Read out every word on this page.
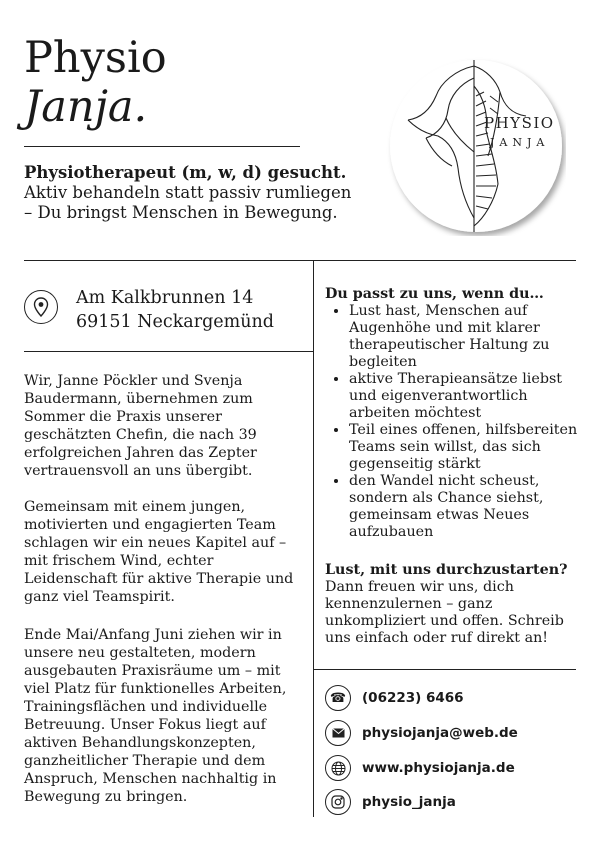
Physio
Janja.	PHYSIO
JANJA
Physiotherapeut (m, w, d) gesucht.
Aktiv behandeln statt passiv rumliegen – Du bringst Menschen in Bewegung.
Am Kalkbrunnen 14
69151 Neckargemünd
Wir, Janne Pöckler und Svenja Baudermann, übernehmen zum Sommer die Praxis unserer geschätzten Chefin, die nach 39 erfolgreichen Jahren das Zepter vertrauensvoll an uns übergibt.
Gemeinsam mit einem jungen, motivierten und engagierten Team schlagen wir ein neues Kapitel auf – mit frischem Wind, echter Leidenschaft für aktive Therapie und ganz viel Teamspirit.
Ende Mai/Anfang Juni ziehen wir in unsere neu gestalteten, modern ausgebauten Praxisräume um – mit viel Platz für funktionelles Arbeiten, Trainingsflächen und individuelle Betreuung. Unser Fokus liegt auf aktiven Behandlungskonzepten, ganzheitlicher Therapie und dem Anspruch, Menschen nachhaltig in Bewegung zu bringen.
Du passt zu uns, wenn du…
• Lust hast, Menschen auf Augenhöhe und mit klarer therapeutischer Haltung zu begleiten
• aktive Therapieansätze liebst und eigenverantwortlich arbeiten möchtest
• Teil eines offenen, hilfsbereiten Teams sein willst, das sich gegenseitig stärkt
• den Wandel nicht scheust, sondern als Chance siehst, gemeinsam etwas Neues aufzubauen
Lust, mit uns durchzustarten?
Dann freuen wir uns, dich kennenzulernen – ganz unkompliziert und offen. Schreib uns einfach oder ruf direkt an!
☎	(06223) 6466
physiojanja@web.de
www.physiojanja.de
physio_janja
